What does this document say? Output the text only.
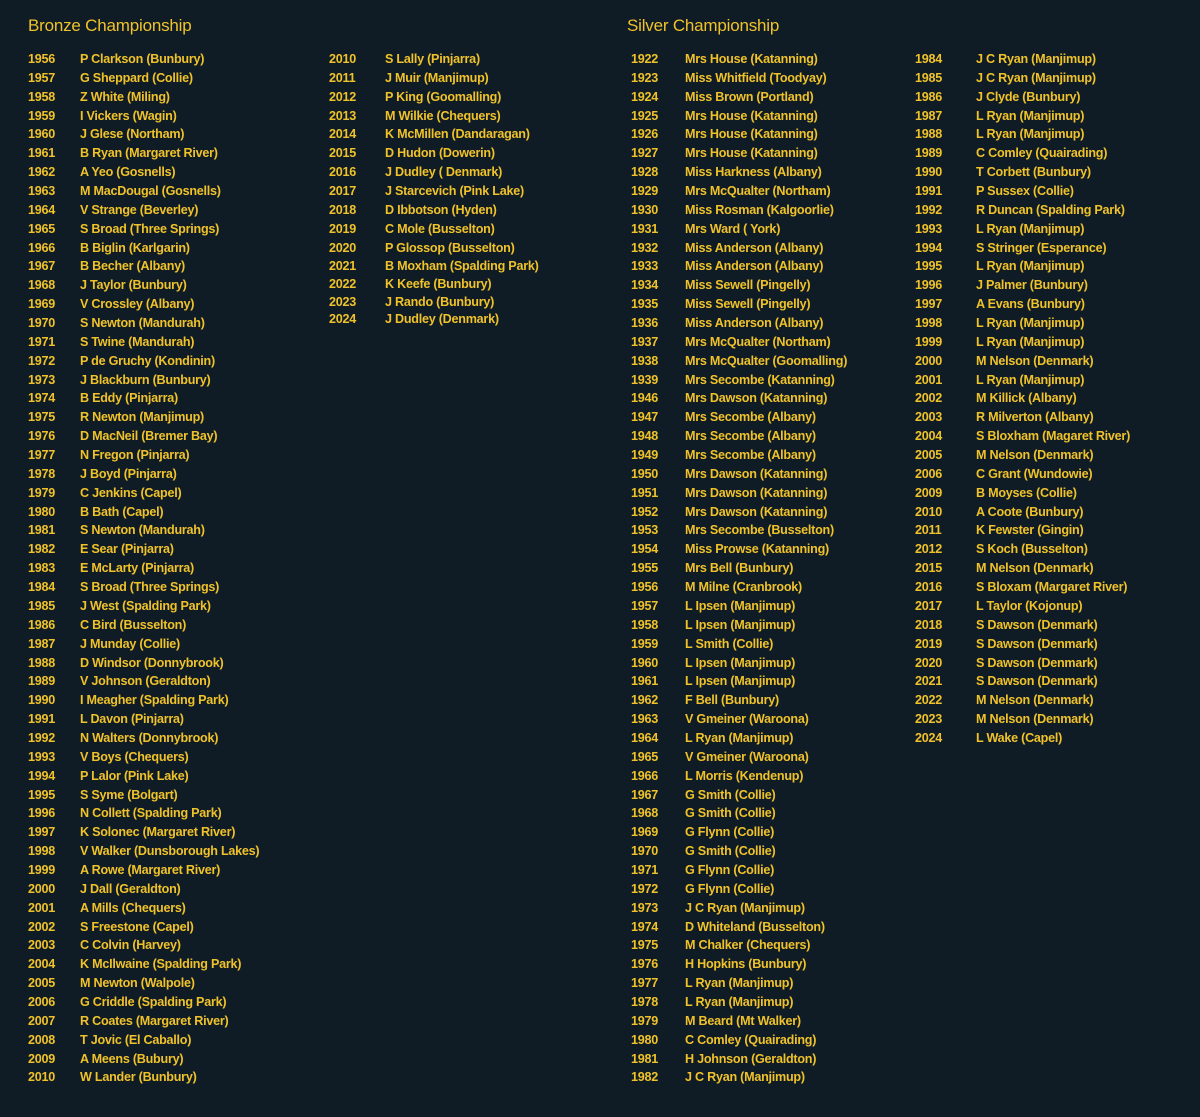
Bronze Championship
1956	P Clarkson (Bunbury)
1957	G Sheppard (Collie)
1958	Z White (Miling)
1959	I Vickers (Wagin)
1960	J Glese (Northam)
1961	B Ryan (Margaret River)
1962	A Yeo (Gosnells)
1963	M MacDougal (Gosnells)
1964	V Strange (Beverley)
1965	S Broad (Three Springs)
1966	B Biglin (Karlgarin)
1967	B Becher (Albany)
1968	J Taylor (Bunbury)
1969	V Crossley (Albany)
1970	S Newton (Mandurah)
1971	S Twine (Mandurah)
1972	P de Gruchy (Kondinin)
1973	J Blackburn (Bunbury)
1974	B Eddy (Pinjarra)
1975	R Newton (Manjimup)
1976	D MacNeil (Bremer Bay)
1977	N Fregon (Pinjarra)
1978	J Boyd (Pinjarra)
1979	C Jenkins (Capel)
1980	B Bath (Capel)
1981	S Newton (Mandurah)
1982	E Sear (Pinjarra)
1983	E McLarty (Pinjarra)
1984	S Broad (Three Springs)
1985	J West (Spalding Park)
1986	C Bird (Busselton)
1987	J Munday (Collie)
1988	D Windsor (Donnybrook)
1989	V Johnson (Geraldton)
1990	I Meagher (Spalding Park)
1991	L Davon (Pinjarra)
1992	N Walters (Donnybrook)
1993	V Boys (Chequers)
1994	P Lalor (Pink Lake)
1995	S Syme (Bolgart)
1996	N Collett (Spalding Park)
1997	K Solonec (Margaret River)
1998	V Walker (Dunsborough Lakes)
1999	A Rowe (Margaret River)
2000	J Dall (Geraldton)
2001	A Mills (Chequers)
2002	S Freestone (Capel)
2003	C Colvin (Harvey)
2004	K McIlwaine (Spalding Park)
2005	M Newton (Walpole)
2006	G Criddle (Spalding Park)
2007	R Coates (Margaret River)
2008	T Jovic (El Caballo)
2009	A Meens (Bubury)
2010	W Lander (Bunbury)
2010	S Lally (Pinjarra)
2011	J Muir (Manjimup)
2012	P King (Goomalling)
2013	M Wilkie (Chequers)
2014	K McMillen (Dandaragan)
2015	D Hudon (Dowerin)
2016	J Dudley ( Denmark)
2017	J Starcevich (Pink Lake)
2018	D Ibbotson (Hyden)
2019	C Mole (Busselton)
2020	P Glossop (Busselton)
2021	B Moxham (Spalding Park)
2022	K Keefe (Bunbury)
2023	J Rando (Bunbury)
2024	J Dudley (Denmark)
Silver Championship
1922	Mrs House (Katanning)
1923	Miss Whitfield (Toodyay)
1924	Miss Brown (Portland)
1925	Mrs House (Katanning)
1926	Mrs House (Katanning)
1927	Mrs House (Katanning)
1928	Miss Harkness (Albany)
1929	Mrs McQualter (Northam)
1930	Miss Rosman (Kalgoorlie)
1931	Mrs Ward ( York)
1932	Miss Anderson (Albany)
1933	Miss Anderson (Albany)
1934	Miss Sewell (Pingelly)
1935	Miss Sewell (Pingelly)
1936	Miss Anderson (Albany)
1937	Mrs McQualter (Northam)
1938	Mrs McQualter (Goomalling)
1939	Mrs Secombe (Katanning)
1946	Mrs Dawson (Katanning)
1947	Mrs Secombe (Albany)
1948	Mrs Secombe (Albany)
1949	Mrs Secombe (Albany)
1950	Mrs Dawson (Katanning)
1951	Mrs Dawson (Katanning)
1952	Mrs Dawson (Katanning)
1953	Mrs Secombe (Busselton)
1954	Miss Prowse (Katanning)
1955	Mrs Bell (Bunbury)
1956	M Milne (Cranbrook)
1957	L Ipsen (Manjimup)
1958	L Ipsen (Manjimup)
1959	L Smith (Collie)
1960	L Ipsen (Manjimup)
1961	L Ipsen (Manjimup)
1962	F Bell (Bunbury)
1963	V Gmeiner (Waroona)
1964	L Ryan (Manjimup)
1965	V Gmeiner (Waroona)
1966	L Morris (Kendenup)
1967	G Smith (Collie)
1968	G Smith (Collie)
1969	G Flynn (Collie)
1970	G Smith (Collie)
1971	G Flynn (Collie)
1972	G Flynn (Collie)
1973	J C Ryan (Manjimup)
1974	D Whiteland (Busselton)
1975	M Chalker (Chequers)
1976	H Hopkins (Bunbury)
1977	L Ryan (Manjimup)
1978	L Ryan (Manjimup)
1979	M Beard (Mt Walker)
1980	C Comley (Quairading)
1981	H Johnson (Geraldton)
1982	J C Ryan (Manjimup)
1984	J C Ryan (Manjimup)
1985	J C Ryan (Manjimup)
1986	J Clyde (Bunbury)
1987	L Ryan (Manjimup)
1988	L Ryan (Manjimup)
1989	C Comley (Quairading)
1990	T Corbett (Bunbury)
1991	P Sussex (Collie)
1992	R Duncan (Spalding Park)
1993	L Ryan (Manjimup)
1994	S Stringer (Esperance)
1995	L Ryan (Manjimup)
1996	J Palmer (Bunbury)
1997	A Evans (Bunbury)
1998	L Ryan (Manjimup)
1999	L Ryan (Manjimup)
2000	M Nelson (Denmark)
2001	L Ryan (Manjimup)
2002	M Killick (Albany)
2003	R Milverton (Albany)
2004	S Bloxham (Magaret River)
2005	M Nelson (Denmark)
2006	C Grant (Wundowie)
2009	B Moyses (Collie)
2010	A Coote (Bunbury)
2011	K Fewster (Gingin)
2012	S Koch (Busselton)
2015	M Nelson (Denmark)
2016	S Bloxam (Margaret River)
2017	L Taylor (Kojonup)
2018	S Dawson (Denmark)
2019	S Dawson (Denmark)
2020	S Dawson (Denmark)
2021	S Dawson (Denmark)
2022	M Nelson (Denmark)
2023	M Nelson (Denmark)
2024	L Wake (Capel)
